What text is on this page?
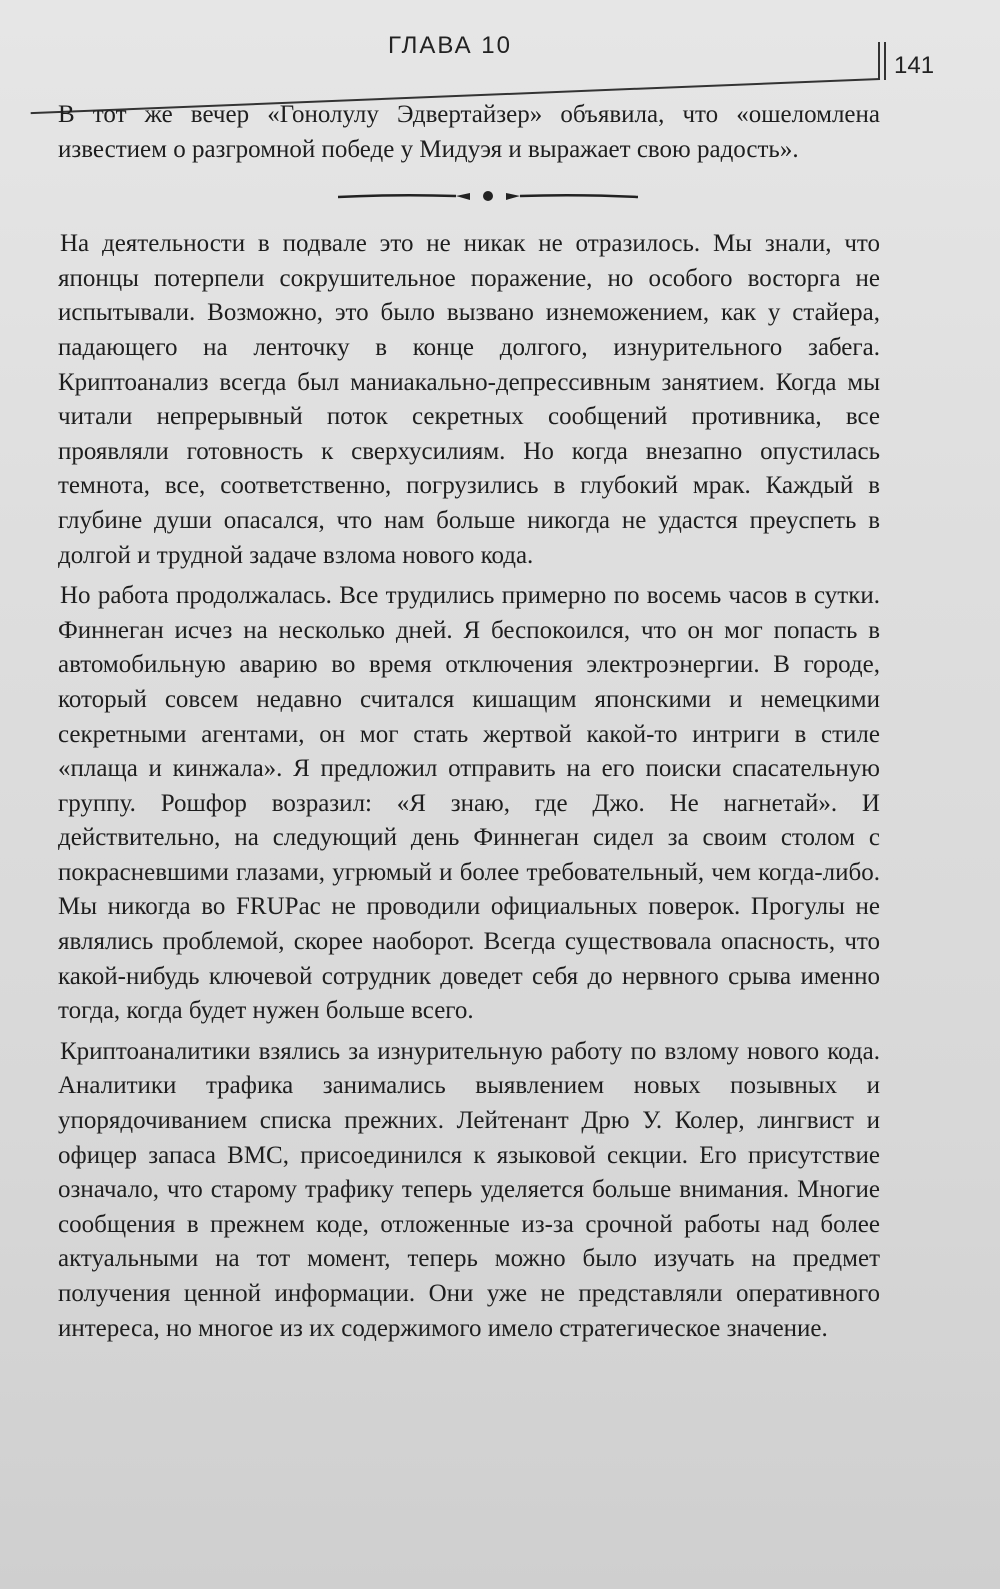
ГЛАВА 10
141

В тот же вечер «Гонолулу Эдвертайзер» объявила, что «ошеломлена известием о разгромной победе у Мидуэя и выражает свою радость».

На деятельности в подвале это не никак не отразилось. Мы знали, что японцы потерпели сокрушительное поражение, но особого восторга не испытывали. Возможно, это было вызвано изнеможением, как у стайера, падающего на ленточку в конце долгого, изнурительного забега. Криптоанализ всегда был маниакально-депрессивным занятием. Когда мы читали непрерывный поток секретных сообщений противника, все проявляли готовность к сверхусилиям. Но когда внезапно опустилась темнота, все, соответственно, погрузились в глубокий мрак. Каждый в глубине души опасался, что нам больше никогда не удастся преуспеть в долгой и трудной задаче взлома нового кода.

Но работа продолжалась. Все трудились примерно по восемь часов в сутки. Финнеган исчез на несколько дней. Я беспокоился, что он мог попасть в автомобильную аварию во время отключения электроэнергии. В городе, который совсем недавно считался кишащим японскими и немецкими секретными агентами, он мог стать жертвой какой-то интриги в стиле «плаща и кинжала». Я предложил отправить на его поиски спасательную группу. Рошфор возразил: «Я знаю, где Джо. Не нагнетай». И действительно, на следующий день Финнеган сидел за своим столом с покрасневшими глазами, угрюмый и более требовательный, чем когда-либо. Мы никогда во FRUPac не проводили официальных поверок. Прогулы не являлись проблемой, скорее наоборот. Всегда существовала опасность, что какой-нибудь ключевой сотрудник доведет себя до нервного срыва именно тогда, когда будет нужен больше всего.

Криптоаналитики взялись за изнурительную работу по взлому нового кода. Аналитики трафика занимались выявлением новых позывных и упорядочиванием списка прежних. Лейтенант Дрю У. Колер, лингвист и офицер запаса ВМС, присоединился к языковой секции. Его присутствие означало, что старому трафику теперь уделяется больше внимания. Многие сообщения в прежнем коде, отложенные из-за срочной работы над более актуальными на тот момент, теперь можно было изучать на предмет получения ценной информации. Они уже не представляли оперативного интереса, но многое из их содержимого имело стратегическое значение.
